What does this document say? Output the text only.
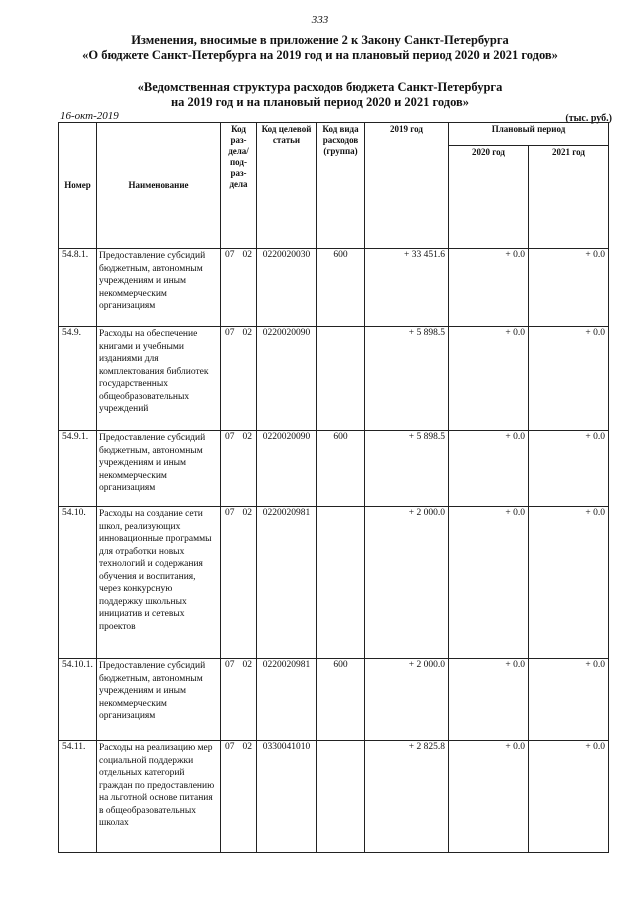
333
Изменения, вносимые в приложение 2 к Закону Санкт-Петербурга
«О бюджете Санкт-Петербурга на 2019 год и на плановый период 2020 и 2021 годов»
«Ведомственная структура расходов бюджета Санкт-Петербурга
на 2019 год и на плановый период 2020 и 2021 годов»
16-окт-2019	(тыс. руб.)
Номер	Наименование	Код раз-дела/ под-раз-дела	Код целевой статьи	Код вида расходов (группа)	2019 год	Плановый период	
						2020 год	2021 год
54.8.1.	Предоставление субсидий бюджетным, автономным учреждениям и иным некоммерческим организациям	07 02	0220020030	600	+ 33 451.6	+ 0.0	+ 0.0
54.9.	Расходы на обеспечение книгами и учебными изданиями для комплектования библиотек государственных общеобразовательных учреждений	07 02	0220020090		+ 5 898.5	+ 0.0	+ 0.0
54.9.1.	Предоставление субсидий бюджетным, автономным учреждениям и иным некоммерческим организациям	07 02	0220020090	600	+ 5 898.5	+ 0.0	+ 0.0
54.10.	Расходы на создание сети школ, реализующих инновационные программы для отработки новых технологий и содержания обучения и воспитания, через конкурсную поддержку школьных инициатив и сетевых проектов	07 02	0220020981		+ 2 000.0	+ 0.0	+ 0.0
54.10.1.	Предоставление субсидий бюджетным, автономным учреждениям и иным некоммерческим организациям	07 02	0220020981	600	+ 2 000.0	+ 0.0	+ 0.0
54.11.	Расходы на реализацию мер социальной поддержки отдельных категорий граждан по предоставлению на льготной основе питания в общеобразовательных школах	07 02	0330041010		+ 2 825.8	+ 0.0	+ 0.0
